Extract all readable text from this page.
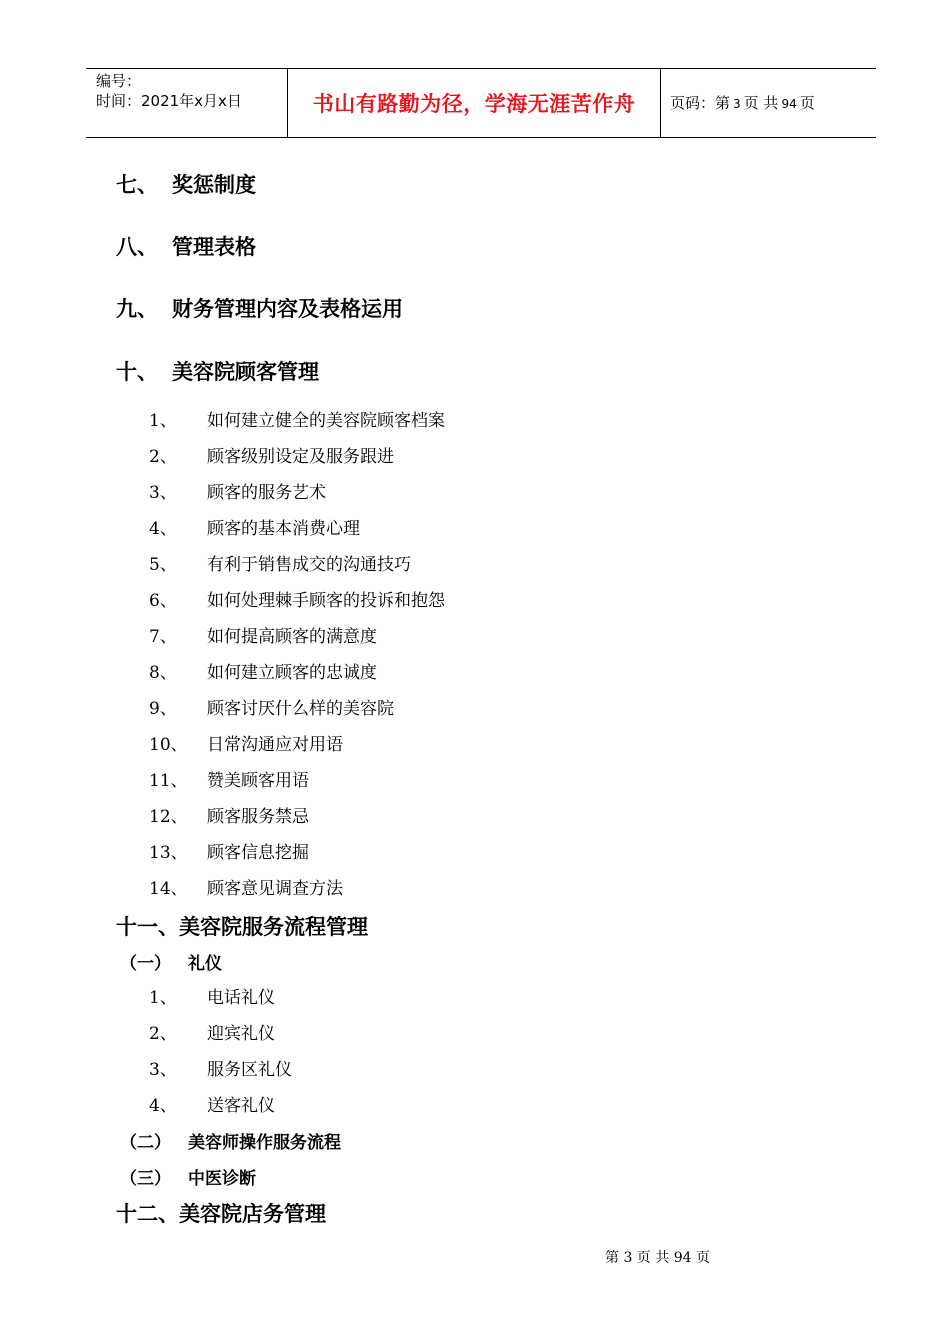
编号：
时间：2021年x月x日	书山有路勤为径，学海无涯苦作舟	页码：第 3 页 共 94 页
七、 奖惩制度
八、 管理表格
九、 财务管理内容及表格运用
十、 美容院顾客管理
1、 如何建立健全的美容院顾客档案
2、 顾客级别设定及服务跟进
3、 顾客的服务艺术
4、 顾客的基本消费心理
5、 有利于销售成交的沟通技巧
6、 如何处理棘手顾客的投诉和抱怨
7、 如何提高顾客的满意度
8、 如何建立顾客的忠诚度
9、 顾客讨厌什么样的美容院
10、 日常沟通应对用语
11、 赞美顾客用语
12、 顾客服务禁忌
13、 顾客信息挖掘
14、 顾客意见调查方法
十一、美容院服务流程管理
（一） 礼仪
1、 电话礼仪
2、 迎宾礼仪
3、 服务区礼仪
4、 送客礼仪
（二） 美容师操作服务流程
（三） 中医诊断
十二、美容院店务管理
第 3 页 共 94 页
